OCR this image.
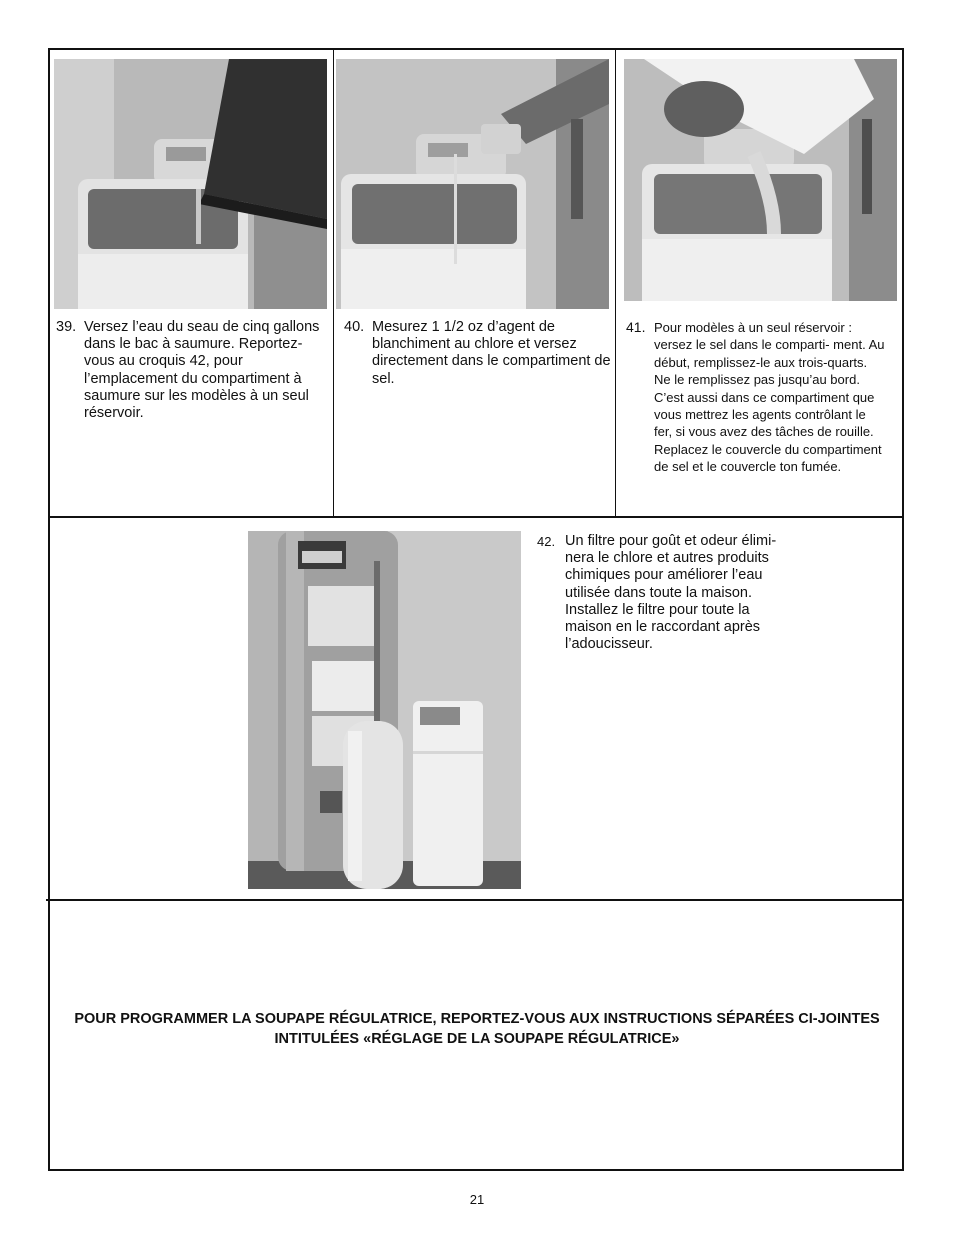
39. Versez l’eau du seau de cinq gallons dans le bac à saumure. Reportez-vous au croquis 42, pour l’emplacement du compartiment à saumure sur les modèles à un seul réservoir.
40. Mesurez 1 1/2 oz d’agent de blanchiment au chlore et versez directement dans le compartiment de sel.
41. Pour modèles à un seul réservoir : versez le sel dans le comparti- ment. Au début, remplissez-le aux trois-quarts. Ne le remplissez pas jusqu’au bord. C’est aussi dans ce compartiment que vous mettrez les agents contrôlant le fer, si vous avez des tâches de rouille. Replacez le couvercle du compartiment de sel et le couvercle ton fumée.
42. Un filtre pour goût et odeur élimi- nera le chlore et autres produits chimiques pour améliorer l’eau utilisée dans toute la maison. Installez le filtre pour toute la maison en le raccordant après l’adoucisseur.
POUR PROGRAMMER LA SOUPAPE RÉGULATRICE, REPORTEZ-VOUS AUX INSTRUCTIONS SÉPARÉES CI-JOINTES INTITULÉES «RÉGLAGE DE LA SOUPAPE RÉGULATRICE»
21
